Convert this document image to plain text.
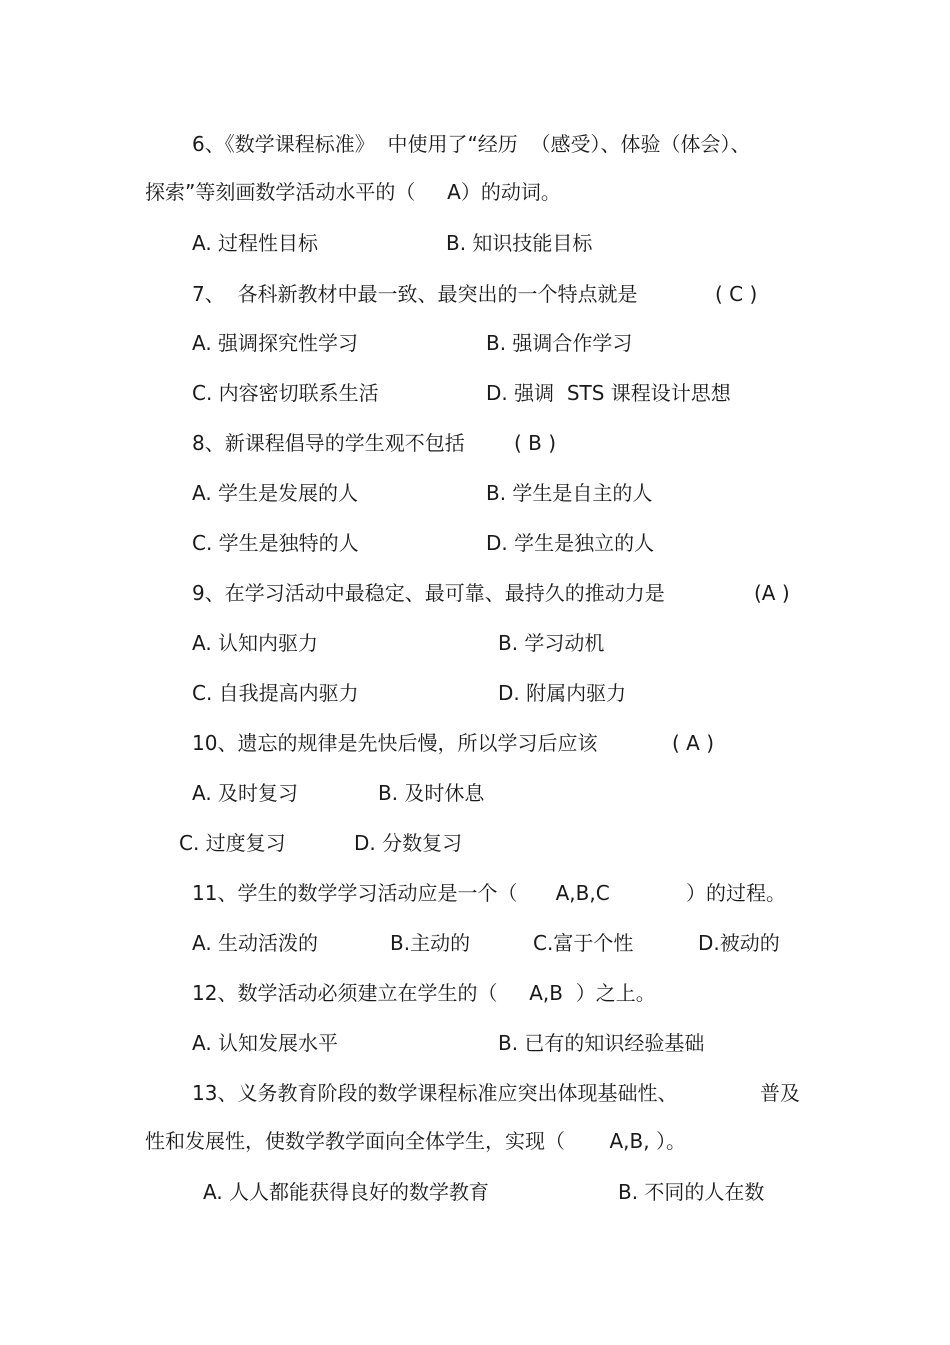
6、《数学课程标准》  中使用了“经历  （感受）、体验（体会）、
探索”等刻画数学活动水平的（     A）的动词。
A. 过程性目标	B. 知识技能目标
7、  各科新教材中最一致、最突出的一个特点就是	( C )
A. 强调探究性学习	B. 强调合作学习
C. 内容密切联系生活	D. 强调  STS 课程设计思想
8、新课程倡导的学生观不包括 ( B )
A. 学生是发展的人	B. 学生是自主的人
C. 学生是独特的人	D. 学生是独立的人
9、在学习活动中最稳定、最可靠、最持久的推动力是	(A )
A. 认知内驱力	B. 学习动机
C. 自我提高内驱力	D. 附属内驱力
10、遗忘的规律是先快后慢，所以学习后应该	( A )
A. 及时复习	B. 及时休息
C. 过度复习	D. 分数复习
11、学生的数学学习活动应是一个（      A,B,C            ）的过程。
A. 生动活泼的	B.主动的	C.富于个性	D.被动的
12、数学活动必须建立在学生的（     A,B  ）之上。
A. 认知发展水平	B. 已有的知识经验基础
13、义务教育阶段的数学课程标准应突出体现基础性、	普及
性和发展性，使数学教学面向全体学生，实现（       A,B, ）。
A. 人人都能获得良好的数学教育	B. 不同的人在数
